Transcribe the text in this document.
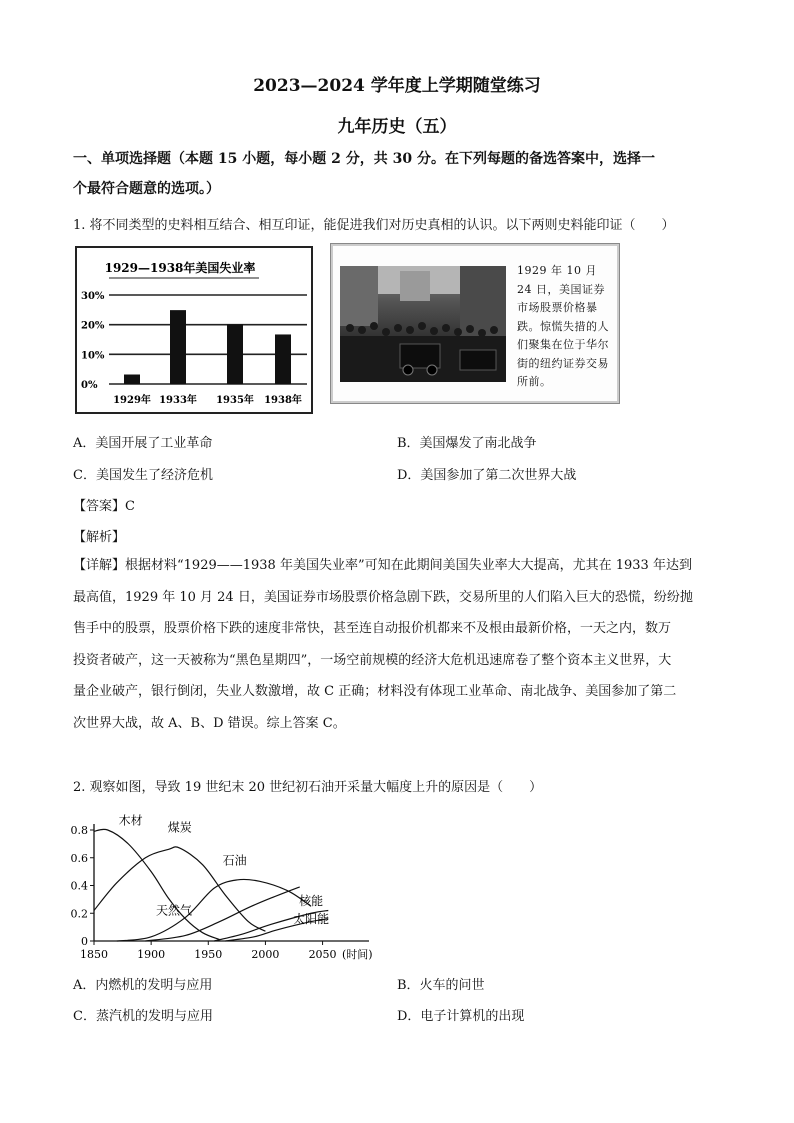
2023—2024 学年度上学期随堂练习
九年历史（五）
一、单项选择题（本题 15 小题，每小题 2 分，共 30 分。在下列每题的备选答案中，选择一
个最符合题意的选项。）
1. 将不同类型的史料相互结合、相互印证，能促进我们对历史真相的认识。以下两则史料能印证（　　）
1929—1938年美国失业率
0%
10%
20%
30%
1929年 1933年 1935年 1938年
1929 年 10 月 24 日，美国证券市场股票价格暴跌。惊慌失措的人们聚集在位于华尔街的纽约证券交易所前。
A．美国开展了工业革命	B．美国爆发了南北战争
C．美国发生了经济危机	D．美国参加了第二次世界大战
【答案】C
【解析】
【详解】根据材料“1929——1938 年美国失业率”可知在此期间美国失业率大大提高，尤其在 1933 年达到
最高值，1929 年 10 月 24 日，美国证券市场股票价格急剧下跌，交易所里的人们陷入巨大的恐慌，纷纷抛
售手中的股票，股票价格下跌的速度非常快，甚至连自动报价机都来不及根由最新价格，一天之内，数万
投资者破产，这一天被称为“黑色星期四”，一场空前规模的经济大危机迅速席卷了整个资本主义世界，大
量企业破产，银行倒闭，失业人数激增，故 C 正确；材料没有体现工业革命、南北战争、美国参加了第二
次世界大战，故 A、B、D 错误。综上答案 C。
2. 观察如图，导致 19 世纪末 20 世纪初石油开采量大幅度上升的原因是（　　）
0
0.2
0.4
0.6
0.8
1850	1900	1950	2000	2050 (时间)
木材 煤炭
石油
天然气
核能
太阳能
A．内燃机的发明与应用	B．火车的问世
C．蒸汽机的发明与应用	D．电子计算机的出现
